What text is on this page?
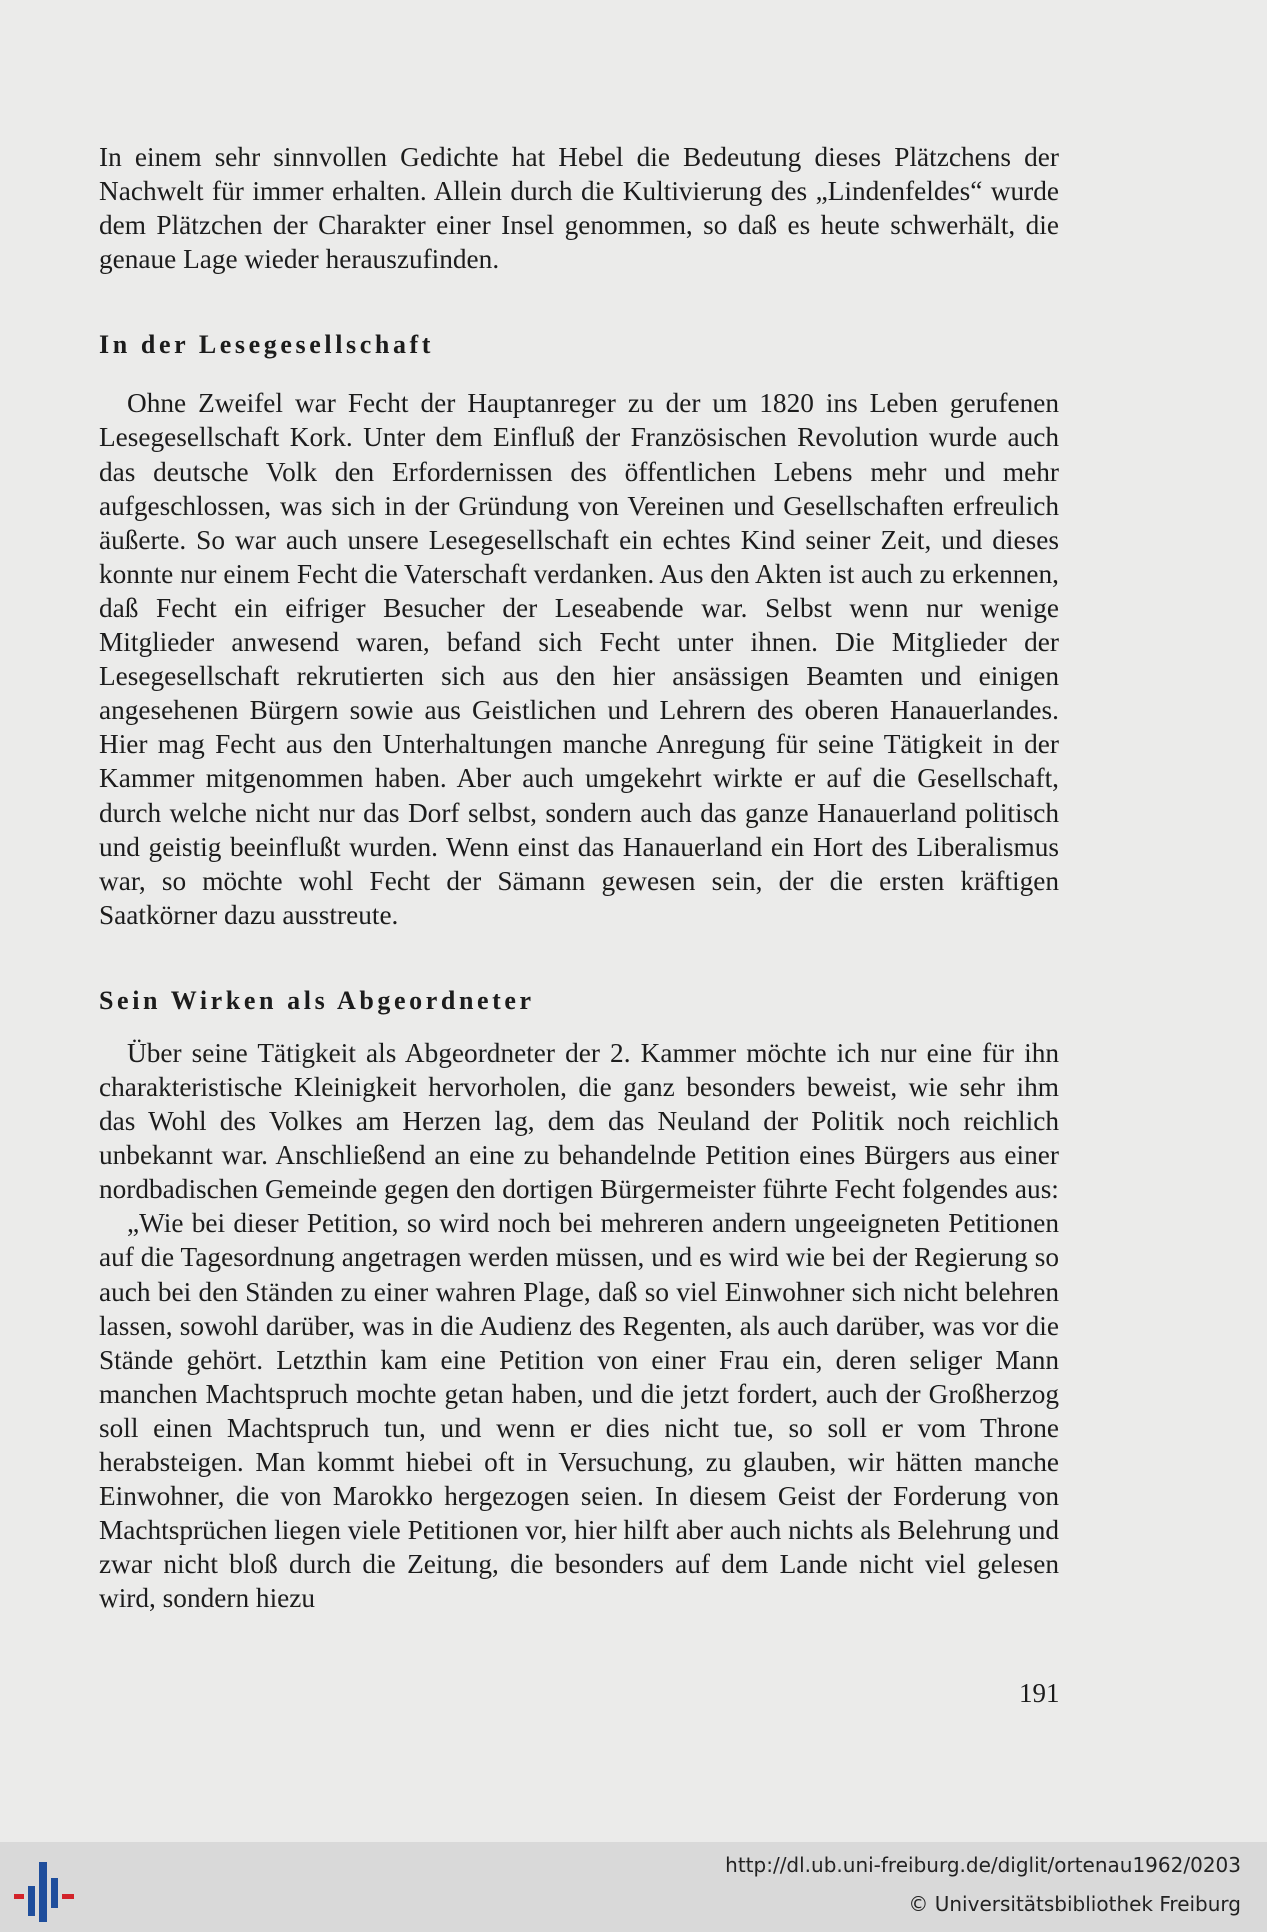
In einem sehr sinnvollen Gedichte hat Hebel die Bedeutung dieses Plätzchens der Nachwelt für immer erhalten. Allein durch die Kultivierung des „Lindenfeldes“ wurde dem Plätzchen der Charakter einer Insel genommen, so daß es heute schwerhält, die genaue Lage wieder herauszufinden.

In der Lesegesellschaft

Ohne Zweifel war Fecht der Hauptanreger zu der um 1820 ins Leben gerufenen Lesegesellschaft Kork. Unter dem Einfluß der Französischen Revolution wurde auch das deutsche Volk den Erfordernissen des öffentlichen Lebens mehr und mehr aufgeschlossen, was sich in der Gründung von Vereinen und Gesellschaften erfreulich äußerte. So war auch unsere Lesegesellschaft ein echtes Kind seiner Zeit, und dieses konnte nur einem Fecht die Vaterschaft verdanken. Aus den Akten ist auch zu erkennen, daß Fecht ein eifriger Besucher der Leseabende war. Selbst wenn nur wenige Mitglieder anwesend waren, befand sich Fecht unter ihnen. Die Mitglieder der Lesegesellschaft rekrutierten sich aus den hier ansässigen Beamten und einigen angesehenen Bürgern sowie aus Geistlichen und Lehrern des oberen Hanauerlandes. Hier mag Fecht aus den Unterhaltungen manche Anregung für seine Tätigkeit in der Kammer mitgenommen haben. Aber auch umgekehrt wirkte er auf die Gesellschaft, durch welche nicht nur das Dorf selbst, sondern auch das ganze Hanauerland politisch und geistig beeinflußt wurden. Wenn einst das Hanauerland ein Hort des Liberalismus war, so möchte wohl Fecht der Sämann gewesen sein, der die ersten kräftigen Saatkörner dazu ausstreute.

Sein Wirken als Abgeordneter

Über seine Tätigkeit als Abgeordneter der 2. Kammer möchte ich nur eine für ihn charakteristische Kleinigkeit hervorholen, die ganz besonders beweist, wie sehr ihm das Wohl des Volkes am Herzen lag, dem das Neuland der Politik noch reichlich unbekannt war. Anschließend an eine zu behandelnde Petition eines Bürgers aus einer nordbadischen Gemeinde gegen den dortigen Bürgermeister führte Fecht folgendes aus:

„Wie bei dieser Petition, so wird noch bei mehreren andern ungeeigneten Petitionen auf die Tagesordnung angetragen werden müssen, und es wird wie bei der Regierung so auch bei den Ständen zu einer wahren Plage, daß so viel Einwohner sich nicht belehren lassen, sowohl darüber, was in die Audienz des Regenten, als auch darüber, was vor die Stände gehört. Letzthin kam eine Petition von einer Frau ein, deren seliger Mann manchen Machtspruch mochte getan haben, und die jetzt fordert, auch der Großherzog soll einen Machtspruch tun, und wenn er dies nicht tue, so soll er vom Throne herabsteigen. Man kommt hiebei oft in Versuchung, zu glauben, wir hätten manche Einwohner, die von Marokko hergezogen seien. In diesem Geist der Forderung von Machtsprüchen liegen viele Petitionen vor, hier hilft aber auch nichts als Belehrung und zwar nicht bloß durch die Zeitung, die besonders auf dem Lande nicht viel gelesen wird, sondern hiezu

191
http://dl.ub.uni-freiburg.de/diglit/ortenau1962/0203
© Universitätsbibliothek Freiburg
